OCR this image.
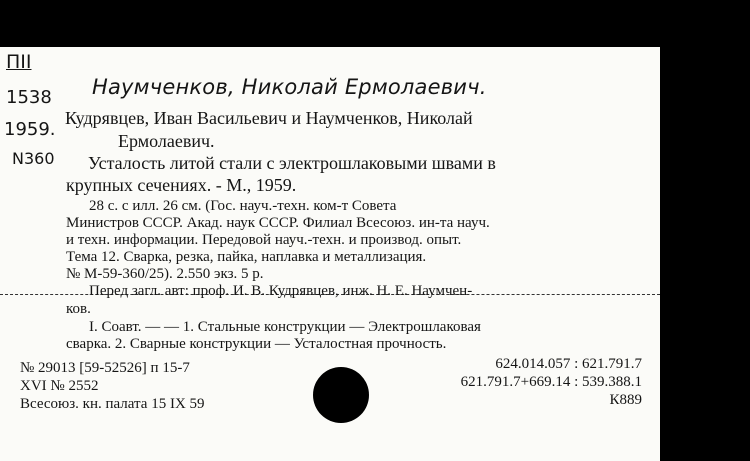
ПII
1538
1959.
N360
Наумченков, Николай Ермолаевич.
Кудрявцев, Иван Васильевич и Наумченков, Николай
Ермолаевич.
Усталость литой стали с электрошлаковыми швами в
крупных сечениях. - М., 1959.
28 с. с илл. 26 см. (Гос. науч.-техн. ком-т Совета
Министров СССР. Акад. наук СССР. Филиал Всесоюз. ин-та науч.
и техн. информации. Передовой науч.-техн. и производ. опыт.
Тема 12. Сварка, резка, пайка, наплавка и металлизация.
№ М-59-360/25). 2.550 экз. 5 р.
Перед загл. авт: проф. И. В. Кудрявцев, инж. Н. Е. Наумчен-
ков.
I. Соавт. — — 1. Стальные конструкции — Электрошлаковая
сварка. 2. Сварные конструкции — Усталостная прочность.
№ 29013 [59-52526] п 15-7
XVI № 2552
Всесоюз. кн. палата 15 IX 59
624.014.057 : 621.791.7
621.791.7+669.14 : 539.388.1
К889
